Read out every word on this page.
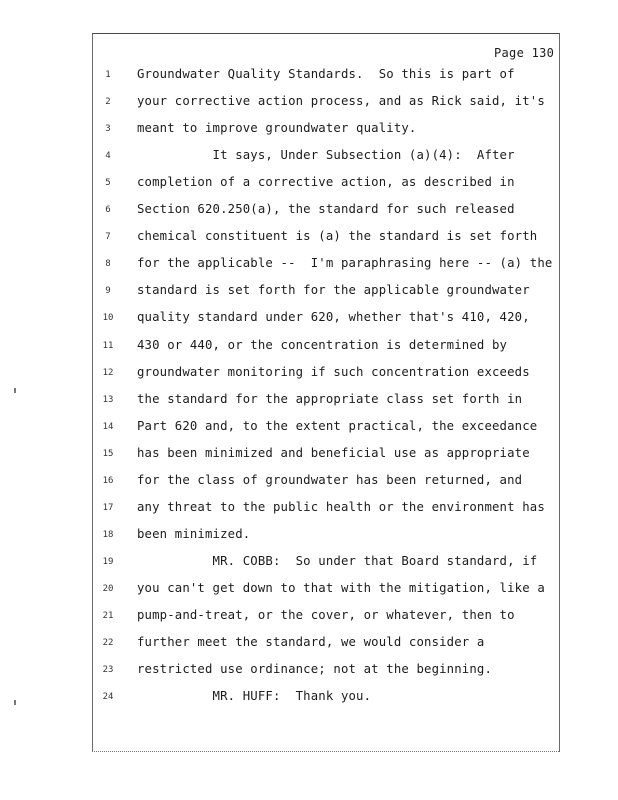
Page 130
1	Groundwater Quality Standards.  So this is part of
2	your corrective action process, and as Rick said, it's
3	meant to improve groundwater quality.
4	It says, Under Subsection (a)(4):  After
5	completion of a corrective action, as described in
6	Section 620.250(a), the standard for such released
7	chemical constituent is (a) the standard is set forth
8	for the applicable --  I'm paraphrasing here -- (a) the
9	standard is set forth for the applicable groundwater
10	quality standard under 620, whether that's 410, 420,
11	430 or 440, or the concentration is determined by
12	groundwater monitoring if such concentration exceeds
13	the standard for the appropriate class set forth in
14	Part 620 and, to the extent practical, the exceedance
15	has been minimized and beneficial use as appropriate
16	for the class of groundwater has been returned, and
17	any threat to the public health or the environment has
18	been minimized.
19	MR. COBB:  So under that Board standard, if
20	you can't get down to that with the mitigation, like a
21	pump-and-treat, or the cover, or whatever, then to
22	further meet the standard, we would consider a
23	restricted use ordinance; not at the beginning.
24	MR. HUFF:  Thank you.
